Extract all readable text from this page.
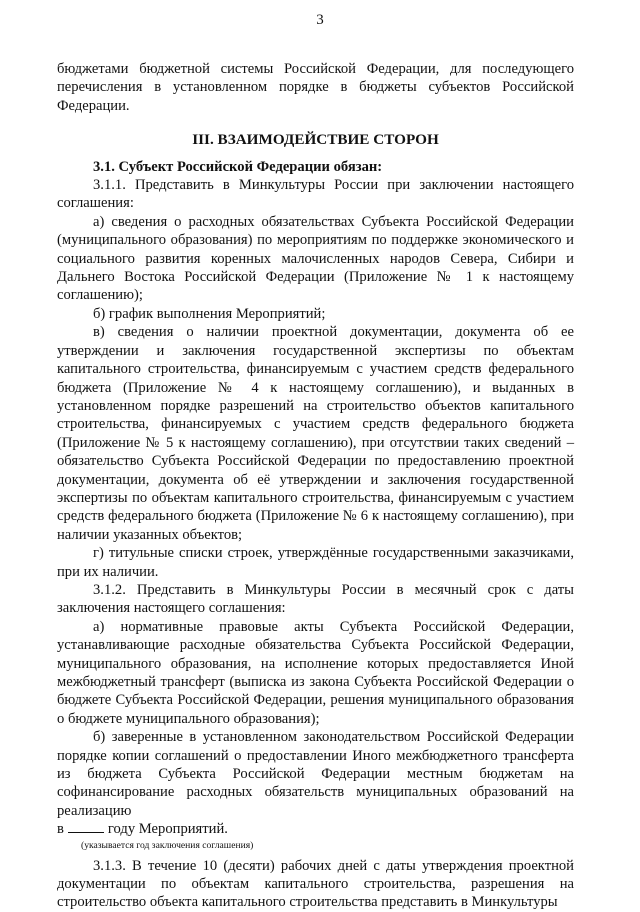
3

бюджетами бюджетной системы Российской Федерации, для последующего перечисления в установленном порядке в бюджеты субъектов Российской Федерации.

III. ВЗАИМОДЕЙСТВИЕ СТОРОН

3.1. Субъект Российской Федерации обязан:

3.1.1. Представить в Минкультуры России при заключении настоящего соглашения:

а) сведения о расходных обязательствах Субъекта Российской Федерации (муниципального образования) по мероприятиям по поддержке экономического и социального развития коренных малочисленных народов Севера, Сибири и Дальнего Востока Российской Федерации (Приложение № 1 к настоящему соглашению);

б) график выполнения Мероприятий;

в) сведения о наличии проектной документации, документа об ее утверждении и заключения государственной экспертизы по объектам капитального строительства, финансируемым с участием средств федерального бюджета (Приложение № 4 к настоящему соглашению), и выданных в установленном порядке разрешений на строительство объектов капитального строительства, финансируемых с участием средств федерального бюджета (Приложение № 5 к настоящему соглашению), при отсутствии таких сведений – обязательство Субъекта Российской Федерации по предоставлению проектной документации, документа об её утверждении и заключения государственной экспертизы по объектам капитального строительства, финансируемым с участием средств федерального бюджета (Приложение № 6 к настоящему соглашению), при наличии указанных объектов;

г) титульные списки строек, утверждённые государственными заказчиками, при их наличии.

3.1.2. Представить в Минкультуры России в месячный срок с даты заключения настоящего соглашения:

а) нормативные правовые акты Субъекта Российской Федерации, устанавливающие расходные обязательства Субъекта Российской Федерации, муниципального образования, на исполнение которых предоставляется Иной межбюджетный трансферт (выписка из закона Субъекта Российской Федерации о бюджете Субъекта Российской Федерации, решения муниципального образования о бюджете муниципального образования);

б) заверенные в установленном законодательством Российской Федерации порядке копии соглашений о предоставлении Иного межбюджетного трансферта из бюджета Субъекта Российской Федерации местным бюджетам на софинансирование расходных обязательств муниципальных образований на реализацию

в	году Мероприятий.

(указывается год заключения соглашения)

3.1.3. В течение 10 (десяти) рабочих дней с даты утверждения проектной документации по объектам капитального строительства, разрешения на строительство объекта капитального строительства представить в Минкультуры
